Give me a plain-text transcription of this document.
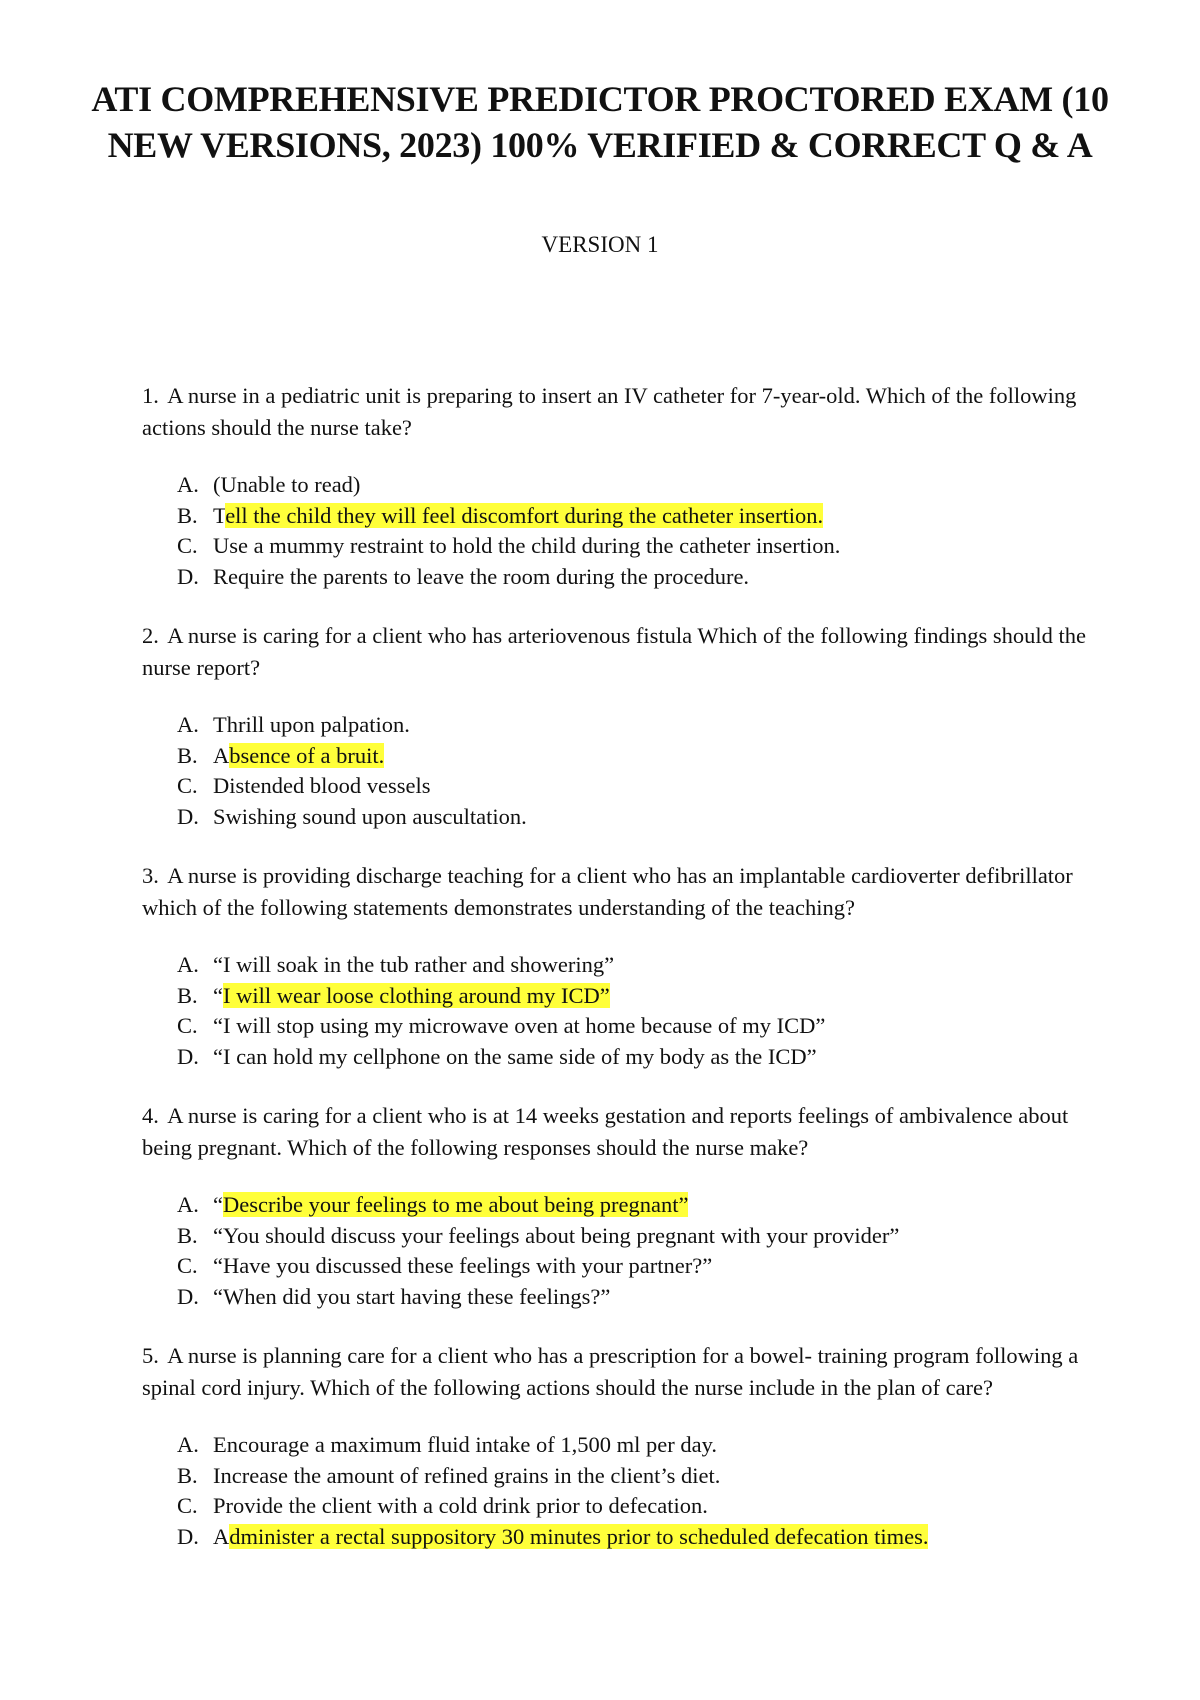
ATI COMPREHENSIVE PREDICTOR PROCTORED EXAM (10
NEW VERSIONS, 2023) 100% VERIFIED & CORRECT Q & A
VERSION 1

1. A nurse in a pediatric unit is preparing to insert an IV catheter for 7-year-old. Which of the following actions should the nurse take?

A. (Unable to read)
B. Tell the child they will feel discomfort during the catheter insertion.
C. Use a mummy restraint to hold the child during the catheter insertion.
D. Require the parents to leave the room during the procedure.

2. A nurse is caring for a client who has arteriovenous fistula Which of the following findings should the nurse report?

A. Thrill upon palpation.
B. Absence of a bruit.
C. Distended blood vessels
D. Swishing sound upon auscultation.

3. A nurse is providing discharge teaching for a client who has an implantable cardioverter defibrillator which of the following statements demonstrates understanding of the teaching?

A. “I will soak in the tub rather and showering”
B. “I will wear loose clothing around my ICD”
C. “I will stop using my microwave oven at home because of my ICD”
D. “I can hold my cellphone on the same side of my body as the ICD”

4. A nurse is caring for a client who is at 14 weeks gestation and reports feelings of ambivalence about being pregnant. Which of the following responses should the nurse make?

A. “Describe your feelings to me about being pregnant”
B. “You should discuss your feelings about being pregnant with your provider”
C. “Have you discussed these feelings with your partner?”
D. “When did you start having these feelings?”

5. A nurse is planning care for a client who has a prescription for a bowel- training program following a spinal cord injury. Which of the following actions should the nurse include in the plan of care?

A. Encourage a maximum fluid intake of 1,500 ml per day.
B. Increase the amount of refined grains in the client’s diet.
C. Provide the client with a cold drink prior to defecation.
D. Administer a rectal suppository 30 minutes prior to scheduled defecation times.
